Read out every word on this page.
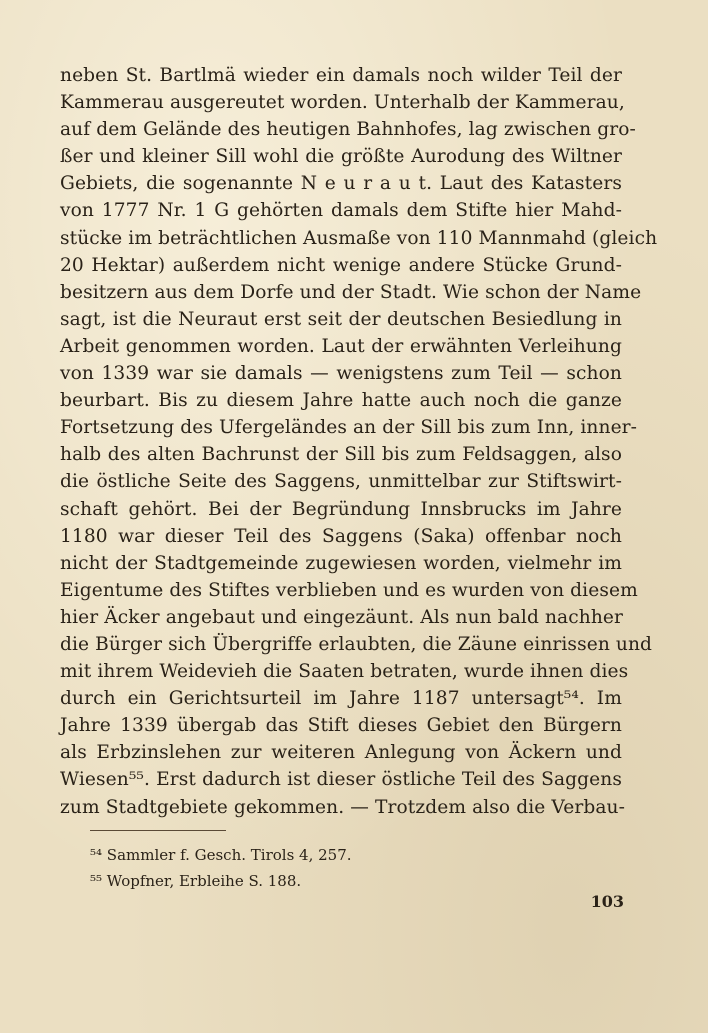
neben St. Bartlmä wieder ein damals noch wilder Teil der
Kammerau ausgereutet worden. Unterhalb der Kammerau,
auf dem Gelände des heutigen Bahnhofes, lag zwischen gro-
ßer und kleiner Sill wohl die größte Aurodung des Wiltner
Gebiets, die sogenannte N e u r a u t. Laut des Katasters
von 1777 Nr. 1 G gehörten damals dem Stifte hier Mahd-
stücke im beträchtlichen Ausmaße von 110 Mannmahd (gleich
20 Hektar) außerdem nicht wenige andere Stücke Grund-
besitzern aus dem Dorfe und der Stadt. Wie schon der Name
sagt, ist die Neuraut erst seit der deutschen Besiedlung in
Arbeit genommen worden. Laut der erwähnten Verleihung
von 1339 war sie damals — wenigstens zum Teil — schon
beurbart. Bis zu diesem Jahre hatte auch noch die ganze
Fortsetzung des Ufergeländes an der Sill bis zum Inn, inner-
halb des alten Bachrunst der Sill bis zum Feldsaggen, also
die östliche Seite des Saggens, unmittelbar zur Stiftswirt-
schaft gehört. Bei der Begründung Innsbrucks im Jahre
1180 war dieser Teil des Saggens (Saka) offenbar noch
nicht der Stadtgemeinde zugewiesen worden, vielmehr im
Eigentume des Stiftes verblieben und es wurden von diesem
hier Äcker angebaut und eingezäunt. Als nun bald nachher
die Bürger sich Übergriffe erlaubten, die Zäune einrissen und
mit ihrem Weidevieh die Saaten betraten, wurde ihnen dies
durch ein Gerichtsurteil im Jahre 1187 untersagt⁵⁴. Im
Jahre 1339 übergab das Stift dieses Gebiet den Bürgern
als Erbzinslehen zur weiteren Anlegung von Äckern und
Wiesen⁵⁵. Erst dadurch ist dieser östliche Teil des Saggens
zum Stadtgebiete gekommen. — Trotzdem also die Verbau-
⁵⁴ Sammler f. Gesch. Tirols 4, 257.
⁵⁵ Wopfner, Erbleihe S. 188.
103
